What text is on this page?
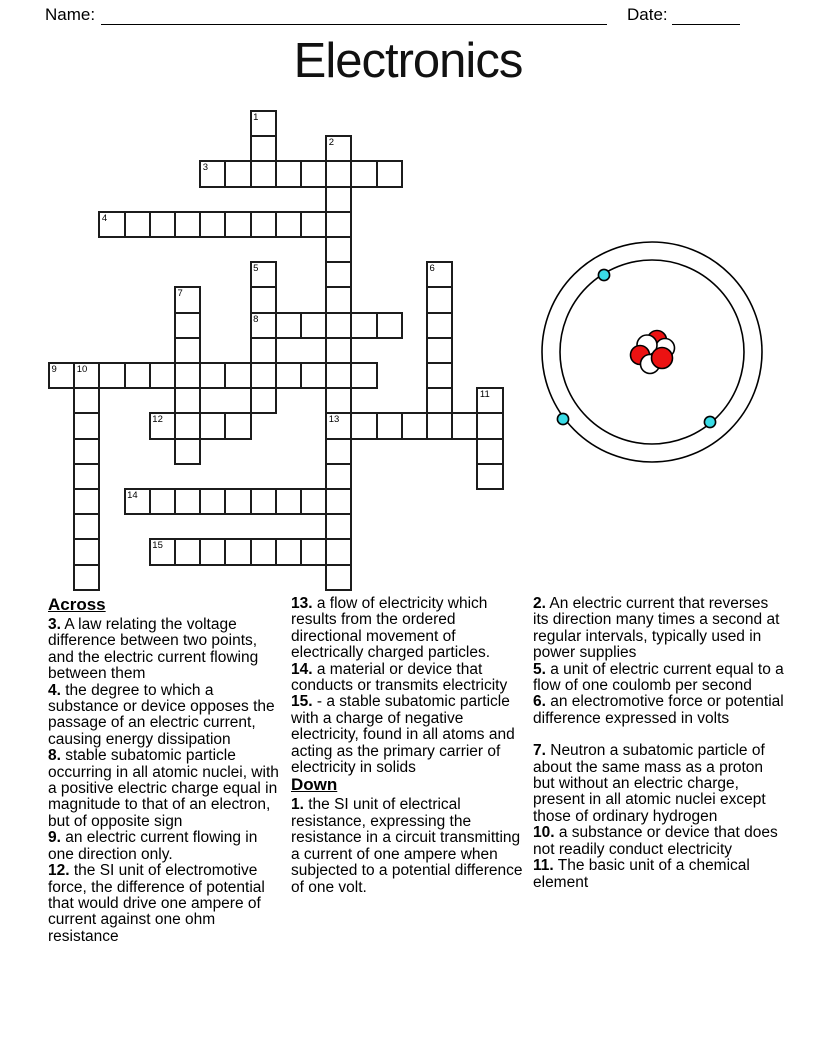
Name:	Date:
Electronics
1
2
13
3
4
5
8
6
7
9 10
11
12
14
15
Across

3. A law relating the voltage difference between two points, and the electric current flowing between them

4. the degree to which a substance or device opposes the passage of an electric current, causing energy dissipation

8. stable subatomic particle occurring in all atomic nuclei, with a positive electric charge equal in magnitude to that of an electron, but of opposite sign

9. an electric current flowing in one direction only.

12. the SI unit of electromotive force, the difference of potential that would drive one ampere of current against one ohm resistance

13. a flow of electricity which results from the ordered directional movement of electrically charged particles.

14. a material or device that conducts or transmits electricity

15. - a stable subatomic particle with a charge of negative electricity, found in all atoms and acting as the primary carrier of electricity in solids

Down

1. the SI unit of electrical resistance, expressing the resistance in a circuit transmitting a current of one ampere when subjected to a potential difference of one volt.

2. An electric current that reverses its direction many times a second at regular intervals, typically used in power supplies

5. a unit of electric current equal to a flow of one coulomb per second

6. an electromotive force or potential difference expressed in volts

7. Neutron a subatomic particle of about the same mass as a proton but without an electric charge, present in all atomic nuclei except those of ordinary hydrogen

10. a substance or device that does not readily conduct electricity

11. The basic unit of a chemical element
